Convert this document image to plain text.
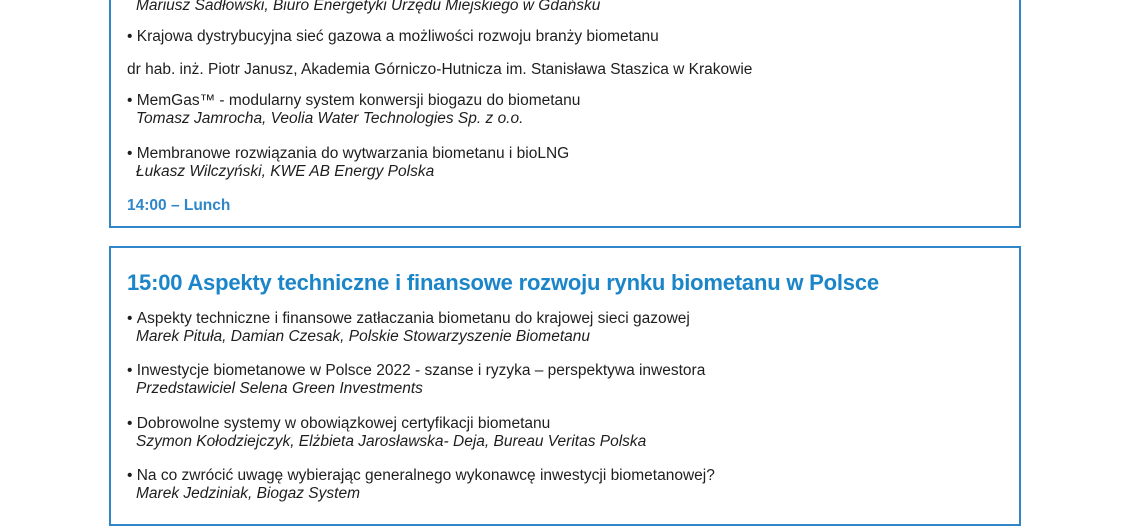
Mariusz Sadłowski, Biuro Energetyki Urzędu Miejskiego w Gdańsku
• Krajowa dystrybucyjna sieć gazowa a możliwości rozwoju branży biometanu
dr hab. inż. Piotr Janusz, Akademia Górniczo-Hutnicza im. Stanisława Staszica w Krakowie
• MemGas™ - modularny system konwersji biogazu do biometanu
Tomasz Jamrocha, Veolia Water Technologies Sp. z o.o.
• Membranowe rozwiązania do wytwarzania biometanu i bioLNG
Łukasz Wilczyński, KWE AB Energy Polska
14:00 – Lunch
15:00 Aspekty techniczne i finansowe rozwoju rynku biometanu w Polsce
• Aspekty techniczne i finansowe zatłaczania biometanu do krajowej sieci gazowej
Marek Pituła, Damian Czesak, Polskie Stowarzyszenie Biometanu
• Inwestycje biometanowe w Polsce 2022 - szanse i ryzyka – perspektywa inwestora
Przedstawiciel Selena Green Investments
• Dobrowolne systemy w obowiązkowej certyfikacji biometanu
Szymon Kołodziejczyk, Elżbieta Jarosławska- Deja, Bureau Veritas Polska
• Na co zwrócić uwagę wybierając generalnego wykonawcę inwestycji biometanowej?
Marek Jedziniak, Biogaz System
